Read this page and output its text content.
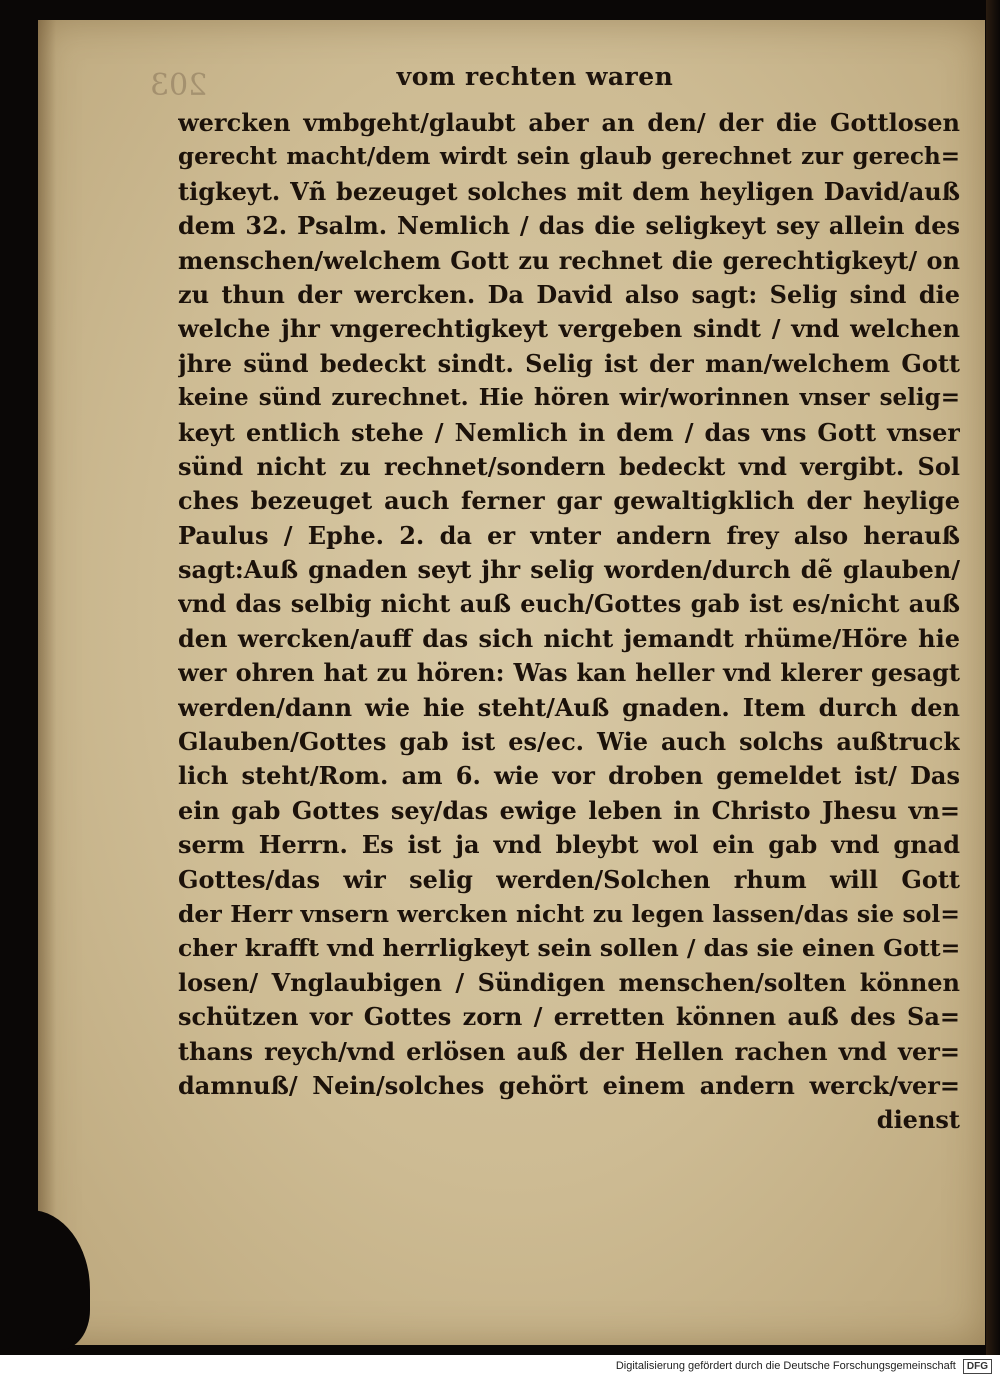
203	vom rechten waren
wercken vmbgeht/glaubt aber an den/ der die Gottlosen
gerecht macht/dem wirdt sein glaub gerechnet zur gerech=
tigkeyt. Vñ bezeuget solches mit dem heyligen David/auß
dem 32. Psalm. Nemlich / das die seligkeyt sey allein des
menschen/welchem Gott zu rechnet die gerechtigkeyt/ on
zu thun der wercken. Da David also sagt: Selig sind die
welche jhr vngerechtigkeyt vergeben sindt / vnd welchen
jhre sünd bedeckt sindt. Selig ist der man/welchem Gott
keine sünd zurechnet. Hie hören wir/worinnen vnser selig=
keyt entlich stehe / Nemlich in dem / das vns Gott vnser
sünd nicht zu rechnet/sondern bedeckt vnd vergibt. Sol
ches bezeuget auch ferner gar gewaltigklich der heylige
Paulus / Ephe. 2. da er vnter andern frey also herauß
sagt:Auß gnaden seyt jhr selig worden/durch dẽ glauben/
vnd das selbig nicht auß euch/Gottes gab ist es/nicht auß
den wercken/auff das sich nicht jemandt rhüme/Höre hie
wer ohren hat zu hören: Was kan heller vnd klerer gesagt
werden/dann wie hie steht/Auß gnaden. Item durch den
Glauben/Gottes gab ist es/ec. Wie auch solchs außtruck
lich steht/Rom. am 6. wie vor droben gemeldet ist/ Das
ein gab Gottes sey/das ewige leben in Christo Jhesu vn=
serm Herrn. Es ist ja vnd bleybt wol ein gab vnd gnad
Gottes/das wir selig werden/Solchen rhum will Gott
der Herr vnsern wercken nicht zu legen lassen/das sie sol=
cher krafft vnd herrligkeyt sein sollen / das sie einen Gott=
losen/ Vnglaubigen / Sündigen menschen/solten können
schützen vor Gottes zorn / erretten können auß des Sa=
thans reych/vnd erlösen auß der Hellen rachen vnd ver=
damnuß/ Nein/solches gehört einem andern werck/ver=
dienst
Digitalisierung gefördert durch die Deutsche Forschungsgemeinschaft DFG
